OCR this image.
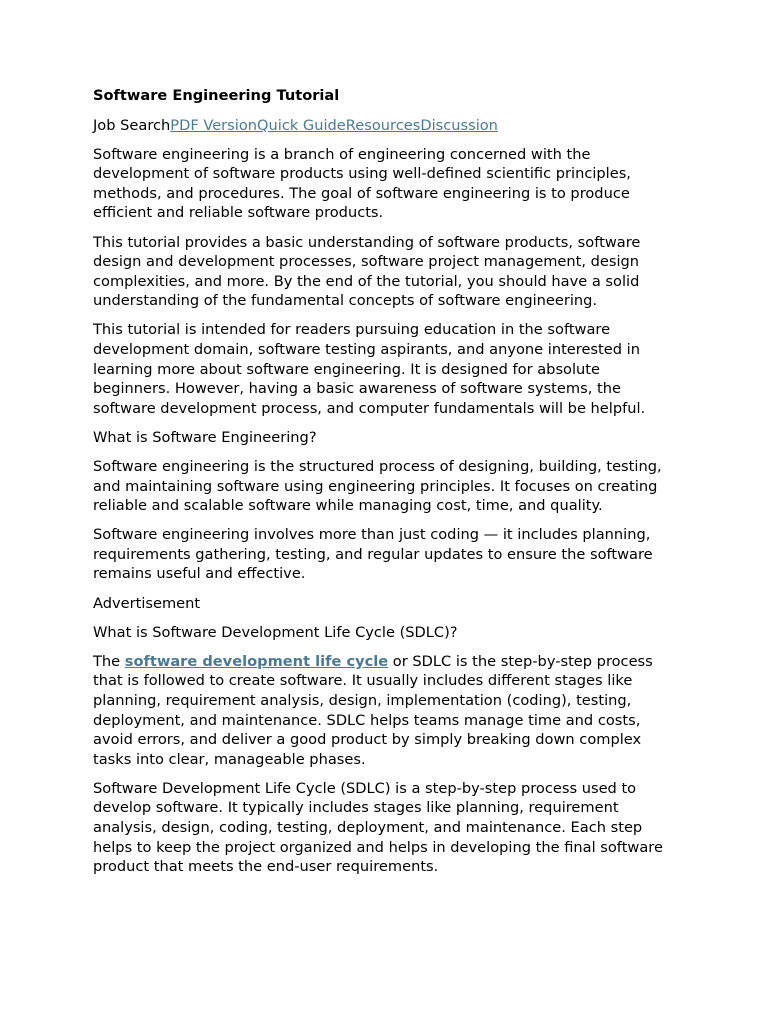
Software Engineering Tutorial

Job SearchPDF VersionQuick GuideResourcesDiscussion

Software engineering is a branch of engineering concerned with the development of software products using well-defined scientific principles, methods, and procedures. The goal of software engineering is to produce efficient and reliable software products.

This tutorial provides a basic understanding of software products, software design and development processes, software project management, design complexities, and more. By the end of the tutorial, you should have a solid understanding of the fundamental concepts of software engineering.

This tutorial is intended for readers pursuing education in the software development domain, software testing aspirants, and anyone interested in learning more about software engineering. It is designed for absolute beginners. However, having a basic awareness of software systems, the software development process, and computer fundamentals will be helpful.

What is Software Engineering?

Software engineering is the structured process of designing, building, testing, and maintaining software using engineering principles. It focuses on creating reliable and scalable software while managing cost, time, and quality.

Software engineering involves more than just coding — it includes planning, requirements gathering, testing, and regular updates to ensure the software remains useful and effective.

Advertisement

What is Software Development Life Cycle (SDLC)?

The software development life cycle or SDLC is the step-by-step process that is followed to create software. It usually includes different stages like planning, requirement analysis, design, implementation (coding), testing, deployment, and maintenance. SDLC helps teams manage time and costs, avoid errors, and deliver a good product by simply breaking down complex tasks into clear, manageable phases.

Software Development Life Cycle (SDLC) is a step-by-step process used to develop software. It typically includes stages like planning, requirement analysis, design, coding, testing, deployment, and maintenance. Each step helps to keep the project organized and helps in developing the final software product that meets the end-user requirements.
